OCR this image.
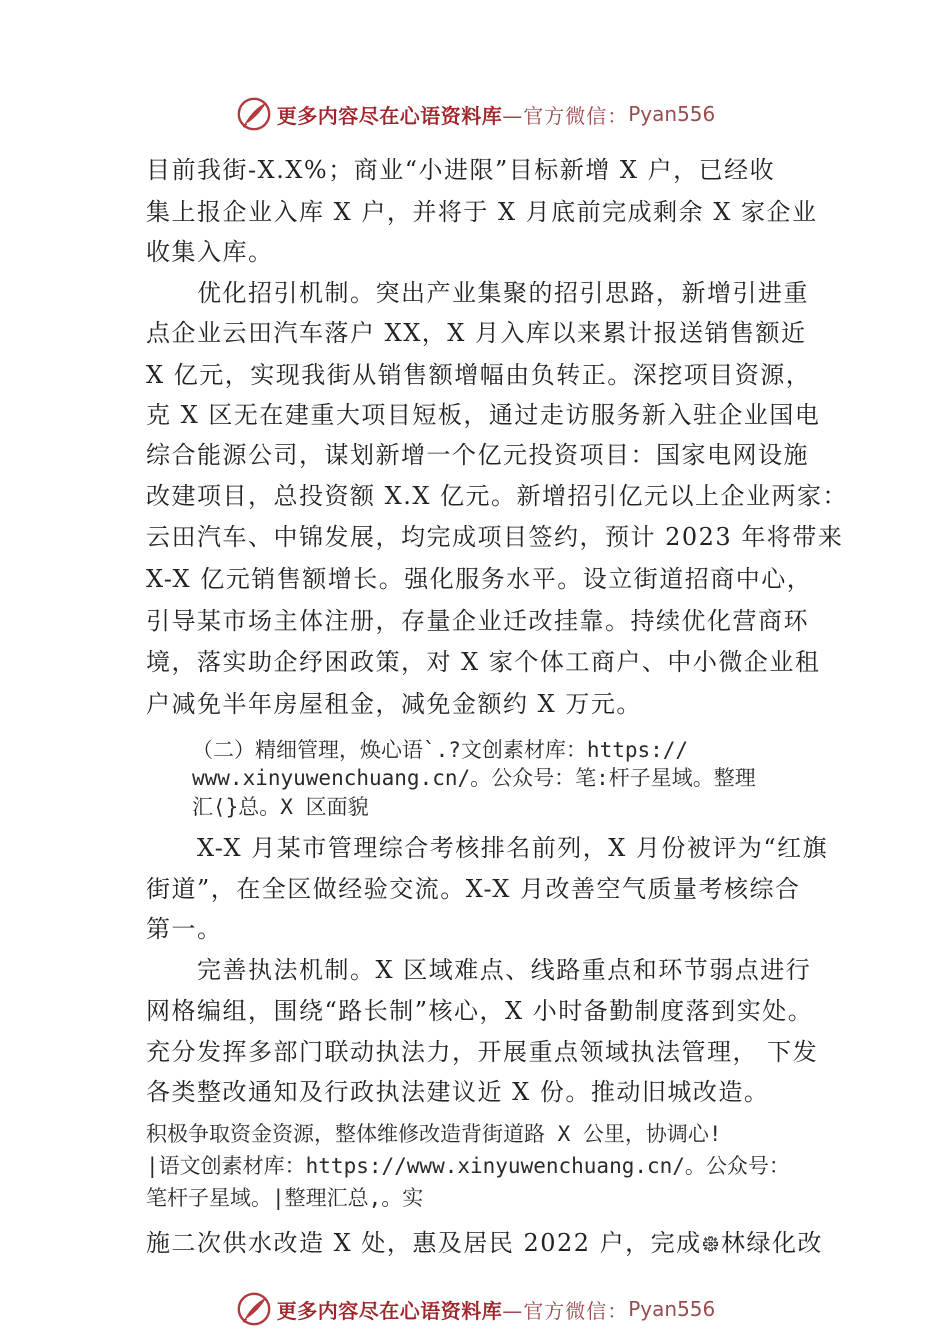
更多内容尽在心语资料库 —官方微信： Pyan556
目前我街-X.X%；商业“小进限”目标新增 X 户，已经收
集上报企业入库 X 户，并将于 X 月底前完成剩余 X 家企业
收集入库。
优化招引机制。突出产业集聚的招引思路，新增引进重
点企业云田汽车落户 XX，X 月入库以来累计报送销售额近
X 亿元，实现我街从销售额增幅由负转正。深挖项目资源，
克 X 区无在建重大项目短板，通过走访服务新入驻企业国电
综合能源公司，谋划新增一个亿元投资项目：国家电网设施
改建项目，总投资额 X.X 亿元。新增招引亿元以上企业两家：
云田汽车、中锦发展，均完成项目签约，预计 2023 年将带来
X-X 亿元销售额增长。强化服务水平。设立街道招商中心，
引导某市场主体注册，存量企业迁改挂靠。持续优化营商环
境，落实助企纾困政策，对 X 家个体工商户、中小微企业租
户减免半年房屋租金，减免金额约 X 万元。
（二）精细管理，焕心语`.?文创素材库：https://
www.xinyuwenchuang.cn/。公众号：笔:杆子星域。整理
汇⟨}总。X 区面貌
X-X 月某市管理综合考核排名前列，X 月份被评为“红旗
街道”，在全区做经验交流。X-X 月改善空气质量考核综合
第一。
完善执法机制。X 区域难点、线路重点和环节弱点进行
网格编组，围绕“路长制”核心，X 小时备勤制度落到实处。
充分发挥多部门联动执法力，开展重点领域执法管理， 下发
各类整改通知及行政执法建议近 X 份。推动旧城改造。
积极争取资金资源，整体维修改造背街道路 X 公里，协调心!
|语文创素材库：https://www.xinyuwenchuang.cn/。公众号：
笔杆子星域。|整理汇总,。实
施二次供水改造 X 处，惠及居民 2022 户，完成᪥林绿化改
更多内容尽在心语资料库 —官方微信： Pyan556
